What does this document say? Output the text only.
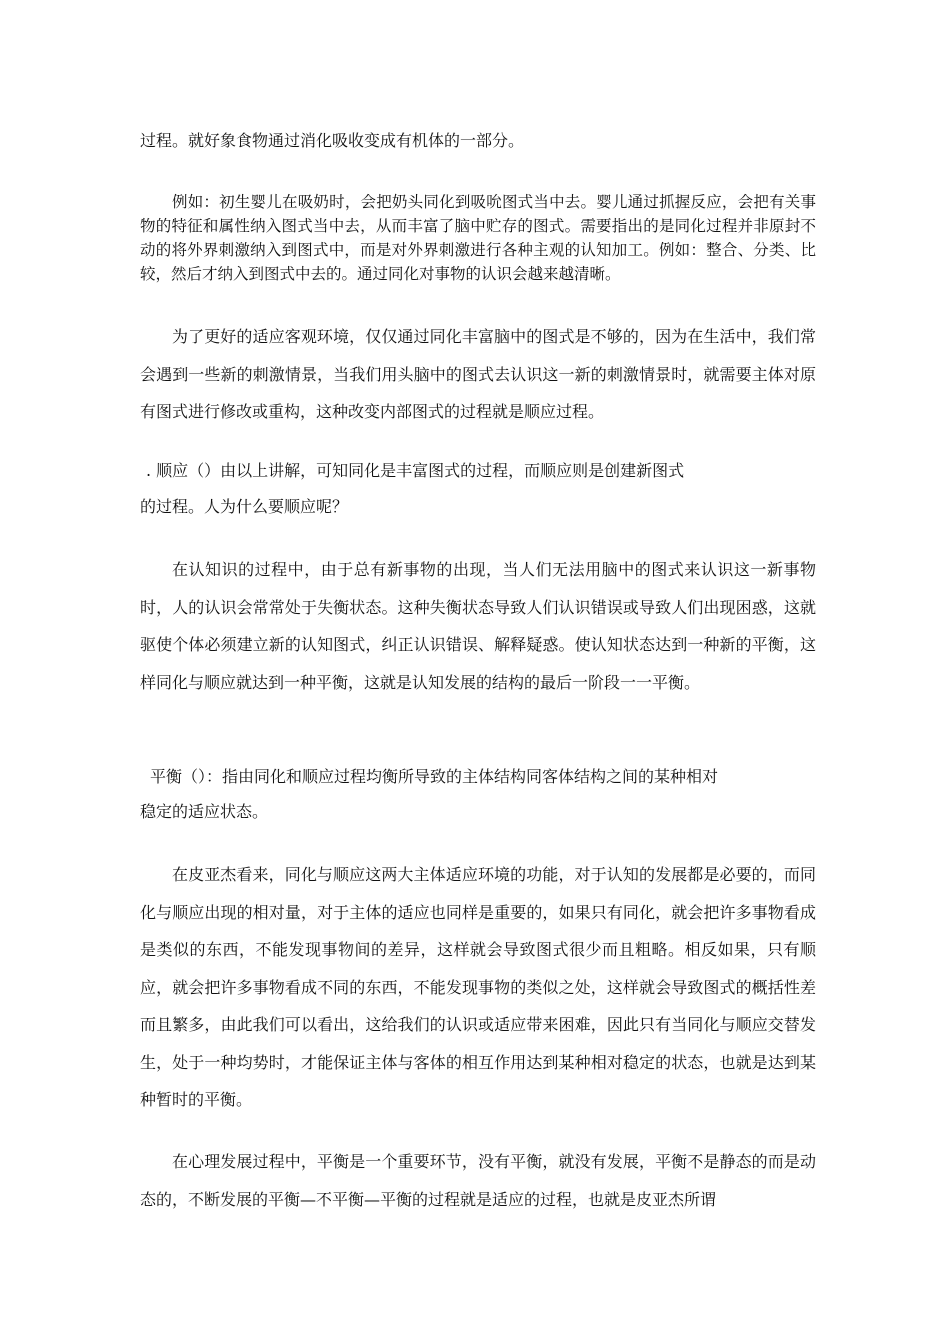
过程。就好象食物通过消化吸收变成有机体的一部分。

例如：初生婴儿在吸奶时，会把奶头同化到吸吮图式当中去。婴儿通过抓握反应，会把有关事物的特征和属性纳入图式当中去，从而丰富了脑中贮存的图式。需要指出的是同化过程并非原封不动的将外界刺激纳入到图式中，而是对外界刺激进行各种主观的认知加工。例如：整合、分类、比较，然后才纳入到图式中去的。通过同化对事物的认识会越来越清晰。

为了更好的适应客观环境，仅仅通过同化丰富脑中的图式是不够的，因为在生活中，我们常会遇到一些新的刺激情景，当我们用头脑中的图式去认识这一新的刺激情景时，就需要主体对原有图式进行修改或重构，这种改变内部图式的过程就是顺应过程。

. 顺应（）由以上讲解，可知同化是丰富图式的过程，而顺应则是创建新图式

的过程。人为什么要顺应呢？

在认知识的过程中，由于总有新事物的出现，当人们无法用脑中的图式来认识这一新事物时，人的认识会常常处于失衡状态。这种失衡状态导致人们认识错误或导致人们出现困惑，这就驱使个体必须建立新的认知图式，纠正认识错误、解释疑惑。使认知状态达到一种新的平衡，这样同化与顺应就达到一种平衡，这就是认知发展的结构的最后一阶段一一平衡。

平衡（）：指由同化和顺应过程均衡所导致的主体结构同客体结构之间的某种相对

稳定的适应状态。

在皮亚杰看来，同化与顺应这两大主体适应环境的功能，对于认知的发展都是必要的，而同化与顺应出现的相对量，对于主体的适应也同样是重要的，如果只有同化，就会把许多事物看成是类似的东西，不能发现事物间的差异，这样就会导致图式很少而且粗略。相反如果，只有顺应，就会把许多事物看成不同的东西，不能发现事物的类似之处，这样就会导致图式的概括性差而且繁多，由此我们可以看出，这给我们的认识或适应带来困难，因此只有当同化与顺应交替发生，处于一种均势时，才能保证主体与客体的相互作用达到某种相对稳定的状态，也就是达到某种暂时的平衡。

在心理发展过程中，平衡是一个重要环节，没有平衡，就没有发展，平衡不是静态的而是动态的，不断发展的平衡—不平衡—平衡的过程就是适应的过程，也就是皮亚杰所谓
